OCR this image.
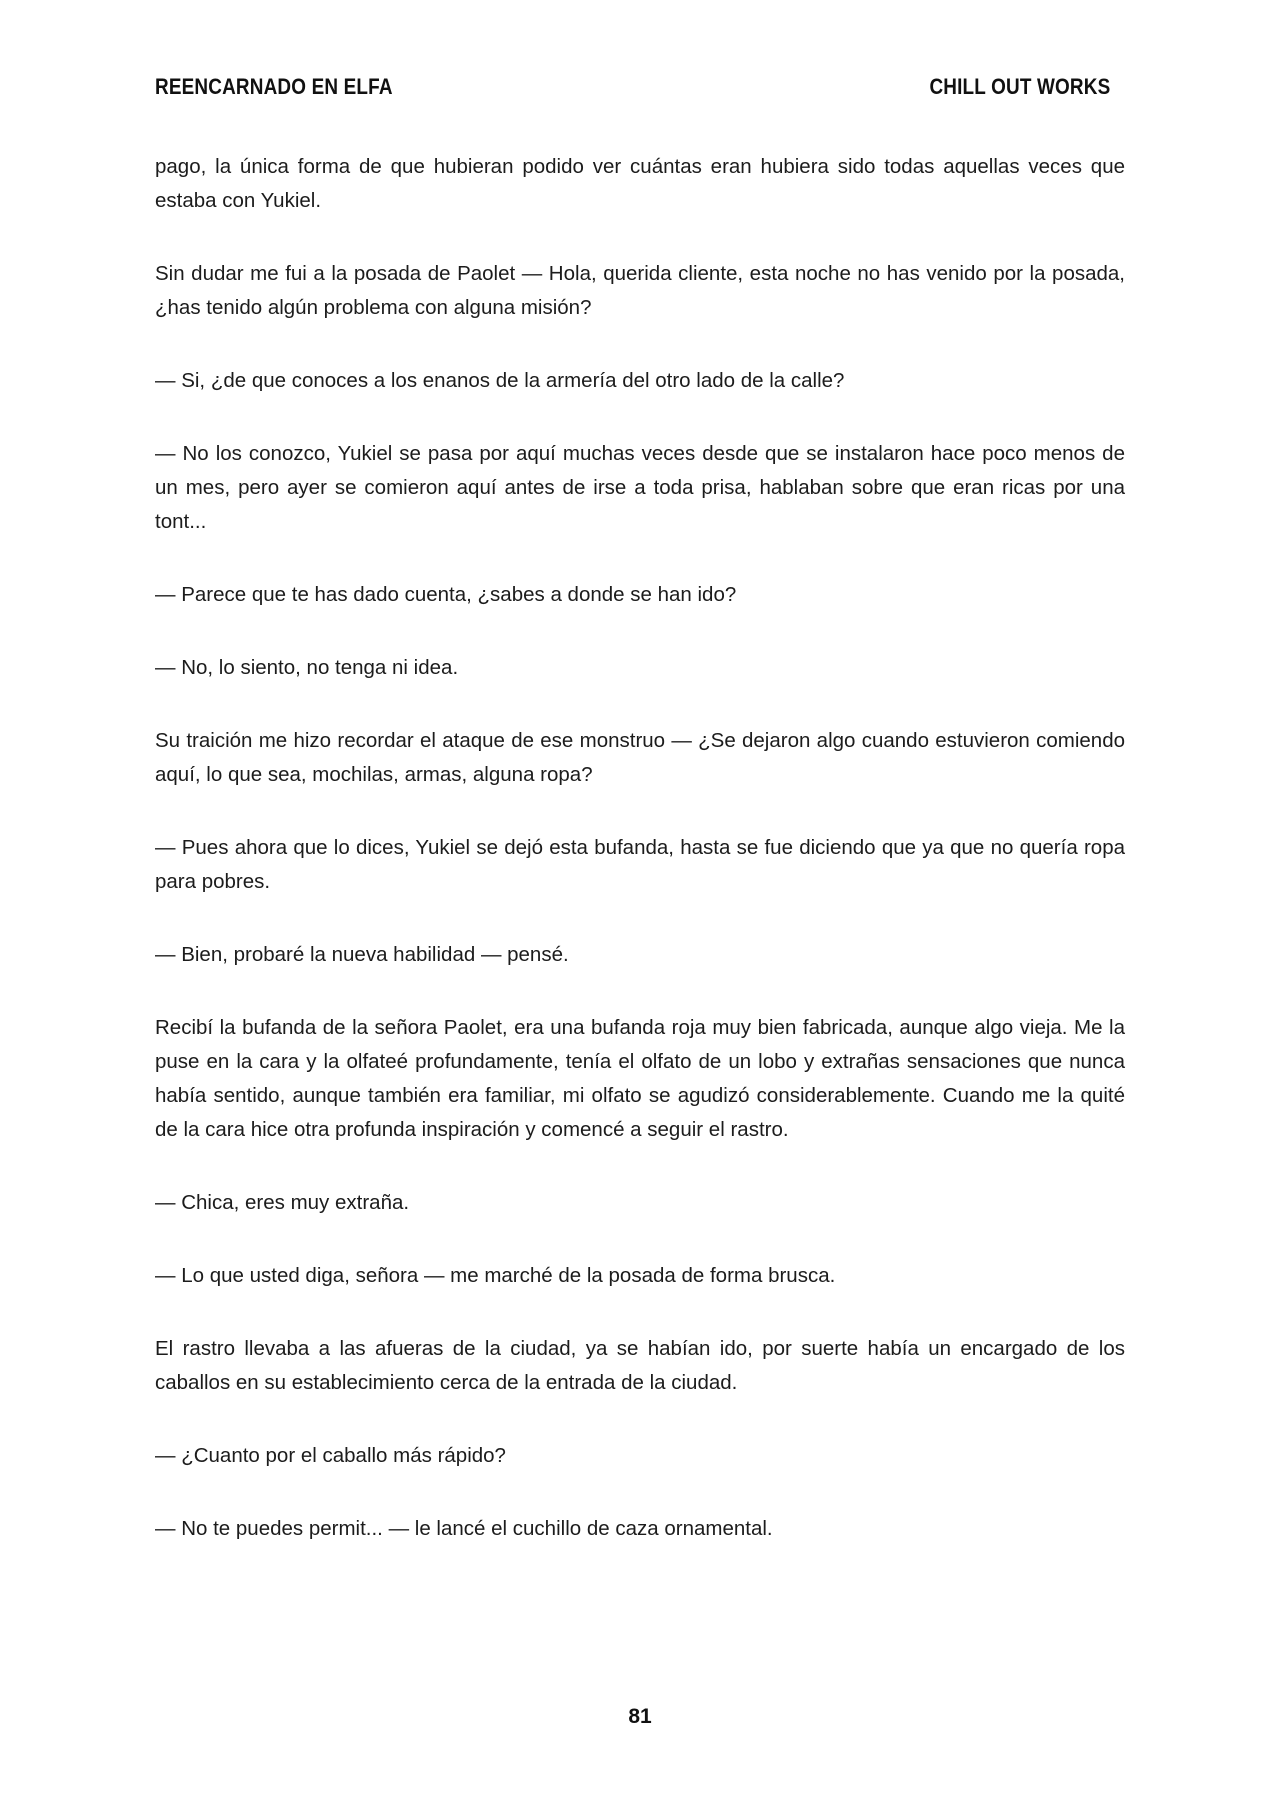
REENCARNADO EN ELFA	CHILL OUT WORKS

pago, la única forma de que hubieran podido ver cuántas eran hubiera sido todas aquellas veces que estaba con Yukiel.

Sin dudar me fui a la posada de Paolet — Hola, querida cliente, esta noche no has venido por la posada, ¿has tenido algún problema con alguna misión?

— Si, ¿de que conoces a los enanos de la armería del otro lado de la calle?

— No los conozco, Yukiel se pasa por aquí muchas veces desde que se instalaron hace poco menos de un mes, pero ayer se comieron aquí antes de irse a toda prisa, hablaban sobre que eran ricas por una tont...

— Parece que te has dado cuenta, ¿sabes a donde se han ido?

— No, lo siento, no tenga ni idea.

Su traición me hizo recordar el ataque de ese monstruo — ¿Se dejaron algo cuando estuvieron comiendo aquí, lo que sea, mochilas, armas, alguna ropa?

— Pues ahora que lo dices, Yukiel se dejó esta bufanda, hasta se fue diciendo que ya que no quería ropa para pobres.

— Bien, probaré la nueva habilidad — pensé.

Recibí la bufanda de la señora Paolet, era una bufanda roja muy bien fabricada, aunque algo vieja. Me la puse en la cara y la olfateé profundamente, tenía el olfato de un lobo y extrañas sensaciones que nunca había sentido, aunque también era familiar, mi olfato se agudizó considerablemente. Cuando me la quité de la cara hice otra profunda inspiración y comencé a seguir el rastro.

— Chica, eres muy extraña.

— Lo que usted diga, señora — me marché de la posada de forma brusca.

El rastro llevaba a las afueras de la ciudad, ya se habían ido, por suerte había un encargado de los caballos en su establecimiento cerca de la entrada de la ciudad.

— ¿Cuanto por el caballo más rápido?

— No te puedes permit... — le lancé el cuchillo de caza ornamental.

81
